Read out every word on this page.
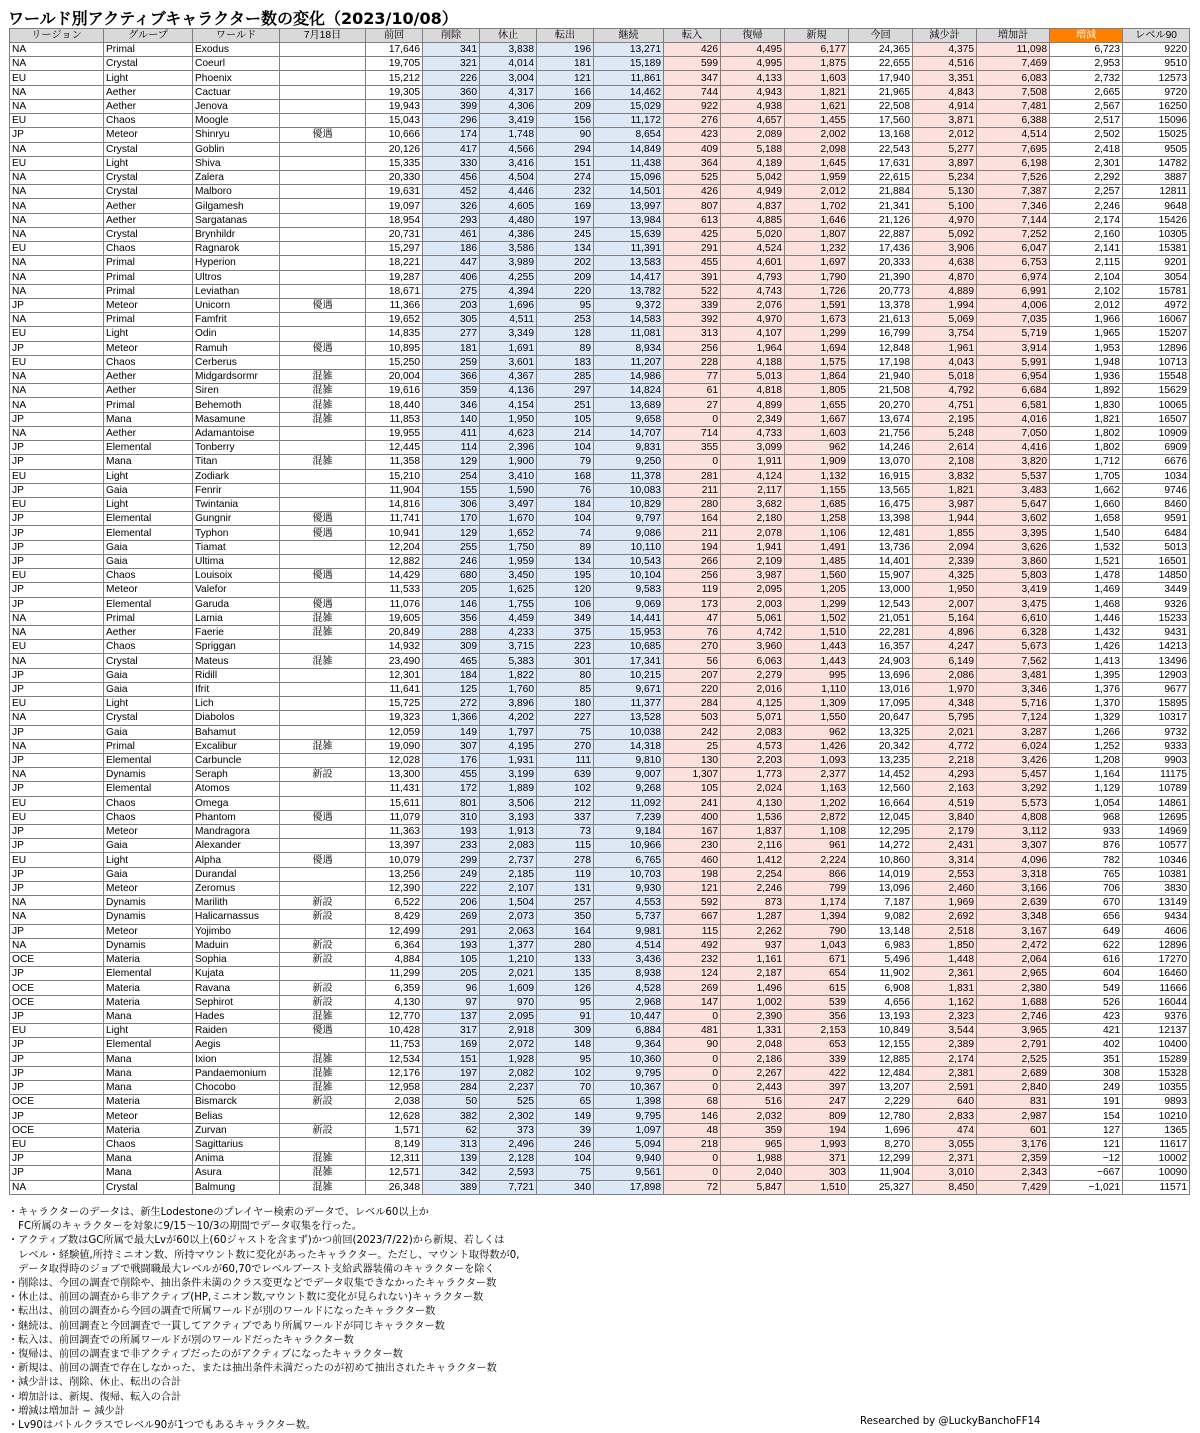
ワールド別アクティブキャラクター数の変化（2023/10/08）
リージョン	グループ	ワールド	7月18日	前回	削除	休止	転出	継続	転入	復帰	新規	今回	減少計	増加計	増減	レベル90
NA	Primal	Exodus		17,646	341	3,838	196	13,271	426	4,495	6,177	24,365	4,375	11,098	6,723	9220
NA	Crystal	Coeurl		19,705	321	4,014	181	15,189	599	4,995	1,875	22,655	4,516	7,469	2,953	9510
EU	Light	Phoenix		15,212	226	3,004	121	11,861	347	4,133	1,603	17,940	3,351	6,083	2,732	12573
NA	Aether	Cactuar		19,305	360	4,317	166	14,462	744	4,943	1,821	21,965	4,843	7,508	2,665	9720
NA	Aether	Jenova		19,943	399	4,306	209	15,029	922	4,938	1,621	22,508	4,914	7,481	2,567	16250
EU	Chaos	Moogle		15,043	296	3,419	156	11,172	276	4,657	1,455	17,560	3,871	6,388	2,517	15096
JP	Meteor	Shinryu	優遇	10,666	174	1,748	90	8,654	423	2,089	2,002	13,168	2,012	4,514	2,502	15025
NA	Crystal	Goblin		20,126	417	4,566	294	14,849	409	5,188	2,098	22,543	5,277	7,695	2,418	9505
EU	Light	Shiva		15,335	330	3,416	151	11,438	364	4,189	1,645	17,631	3,897	6,198	2,301	14782
NA	Crystal	Zalera		20,330	456	4,504	274	15,096	525	5,042	1,959	22,615	5,234	7,526	2,292	3887
NA	Crystal	Malboro		19,631	452	4,446	232	14,501	426	4,949	2,012	21,884	5,130	7,387	2,257	12811
NA	Aether	Gilgamesh		19,097	326	4,605	169	13,997	807	4,837	1,702	21,341	5,100	7,346	2,246	9648
NA	Aether	Sargatanas		18,954	293	4,480	197	13,984	613	4,885	1,646	21,126	4,970	7,144	2,174	15426
NA	Crystal	Brynhildr		20,731	461	4,386	245	15,639	425	5,020	1,807	22,887	5,092	7,252	2,160	10305
EU	Chaos	Ragnarok		15,297	186	3,586	134	11,391	291	4,524	1,232	17,436	3,906	6,047	2,141	15381
NA	Primal	Hyperion		18,221	447	3,989	202	13,583	455	4,601	1,697	20,333	4,638	6,753	2,115	9201
NA	Primal	Ultros		19,287	406	4,255	209	14,417	391	4,793	1,790	21,390	4,870	6,974	2,104	3054
NA	Primal	Leviathan		18,671	275	4,394	220	13,782	522	4,743	1,726	20,773	4,889	6,991	2,102	15781
JP	Meteor	Unicorn	優遇	11,366	203	1,696	95	9,372	339	2,076	1,591	13,378	1,994	4,006	2,012	4972
NA	Primal	Famfrit		19,652	305	4,511	253	14,583	392	4,970	1,673	21,613	5,069	7,035	1,966	16067
EU	Light	Odin		14,835	277	3,349	128	11,081	313	4,107	1,299	16,799	3,754	5,719	1,965	15207
JP	Meteor	Ramuh	優遇	10,895	181	1,691	89	8,934	256	1,964	1,694	12,848	1,961	3,914	1,953	12896
EU	Chaos	Cerberus		15,250	259	3,601	183	11,207	228	4,188	1,575	17,198	4,043	5,991	1,948	10713
NA	Aether	Midgardsormr	混雑	20,004	366	4,367	285	14,986	77	5,013	1,864	21,940	5,018	6,954	1,936	15548
NA	Aether	Siren	混雑	19,616	359	4,136	297	14,824	61	4,818	1,805	21,508	4,792	6,684	1,892	15629
NA	Primal	Behemoth	混雑	18,440	346	4,154	251	13,689	27	4,899	1,655	20,270	4,751	6,581	1,830	10065
JP	Mana	Masamune	混雑	11,853	140	1,950	105	9,658	0	2,349	1,667	13,674	2,195	4,016	1,821	16507
NA	Aether	Adamantoise		19,955	411	4,623	214	14,707	714	4,733	1,603	21,756	5,248	7,050	1,802	10909
JP	Elemental	Tonberry		12,445	114	2,396	104	9,831	355	3,099	962	14,246	2,614	4,416	1,802	6909
JP	Mana	Titan	混雑	11,358	129	1,900	79	9,250	0	1,911	1,909	13,070	2,108	3,820	1,712	6676
EU	Light	Zodiark		15,210	254	3,410	168	11,378	281	4,124	1,132	16,915	3,832	5,537	1,705	1034
JP	Gaia	Fenrir		11,904	155	1,590	76	10,083	211	2,117	1,155	13,565	1,821	3,483	1,662	9746
EU	Light	Twintania		14,816	306	3,497	184	10,829	280	3,682	1,685	16,475	3,987	5,647	1,660	8460
JP	Elemental	Gungnir	優遇	11,741	170	1,670	104	9,797	164	2,180	1,258	13,398	1,944	3,602	1,658	9591
JP	Elemental	Typhon	優遇	10,941	129	1,652	74	9,086	211	2,078	1,106	12,481	1,855	3,395	1,540	6484
JP	Gaia	Tiamat		12,204	255	1,750	89	10,110	194	1,941	1,491	13,736	2,094	3,626	1,532	5013
JP	Gaia	Ultima		12,882	246	1,959	134	10,543	266	2,109	1,485	14,401	2,339	3,860	1,521	16501
EU	Chaos	Louisoix	優遇	14,429	680	3,450	195	10,104	256	3,987	1,560	15,907	4,325	5,803	1,478	14850
JP	Meteor	Valefor		11,533	205	1,625	120	9,583	119	2,095	1,205	13,000	1,950	3,419	1,469	3449
JP	Elemental	Garuda	優遇	11,076	146	1,755	106	9,069	173	2,003	1,299	12,543	2,007	3,475	1,468	9326
NA	Primal	Lamia	混雑	19,605	356	4,459	349	14,441	47	5,061	1,502	21,051	5,164	6,610	1,446	15233
NA	Aether	Faerie	混雑	20,849	288	4,233	375	15,953	76	4,742	1,510	22,281	4,896	6,328	1,432	9431
EU	Chaos	Spriggan		14,932	309	3,715	223	10,685	270	3,960	1,443	16,357	4,247	5,673	1,426	14213
NA	Crystal	Mateus	混雑	23,490	465	5,383	301	17,341	56	6,063	1,443	24,903	6,149	7,562	1,413	13496
JP	Gaia	Ridill		12,301	184	1,822	80	10,215	207	2,279	995	13,696	2,086	3,481	1,395	12903
JP	Gaia	Ifrit		11,641	125	1,760	85	9,671	220	2,016	1,110	13,016	1,970	3,346	1,376	9677
EU	Light	Lich		15,725	272	3,896	180	11,377	284	4,125	1,309	17,095	4,348	5,716	1,370	15895
NA	Crystal	Diabolos		19,323	1,366	4,202	227	13,528	503	5,071	1,550	20,647	5,795	7,124	1,329	10317
JP	Gaia	Bahamut		12,059	149	1,797	75	10,038	242	2,083	962	13,325	2,021	3,287	1,266	9732
NA	Primal	Excalibur	混雑	19,090	307	4,195	270	14,318	25	4,573	1,426	20,342	4,772	6,024	1,252	9333
JP	Elemental	Carbuncle		12,028	176	1,931	111	9,810	130	2,203	1,093	13,235	2,218	3,426	1,208	9903
NA	Dynamis	Seraph	新設	13,300	455	3,199	639	9,007	1,307	1,773	2,377	14,452	4,293	5,457	1,164	11175
JP	Elemental	Atomos		11,431	172	1,889	102	9,268	105	2,024	1,163	12,560	2,163	3,292	1,129	10789
EU	Chaos	Omega		15,611	801	3,506	212	11,092	241	4,130	1,202	16,664	4,519	5,573	1,054	14861
EU	Chaos	Phantom	優遇	11,079	310	3,193	337	7,239	400	1,536	2,872	12,045	3,840	4,808	968	12695
JP	Meteor	Mandragora		11,363	193	1,913	73	9,184	167	1,837	1,108	12,295	2,179	3,112	933	14969
JP	Gaia	Alexander		13,397	233	2,083	115	10,966	230	2,116	961	14,272	2,431	3,307	876	10577
EU	Light	Alpha	優遇	10,079	299	2,737	278	6,765	460	1,412	2,224	10,860	3,314	4,096	782	10346
JP	Gaia	Durandal		13,256	249	2,185	119	10,703	198	2,254	866	14,019	2,553	3,318	765	10381
JP	Meteor	Zeromus		12,390	222	2,107	131	9,930	121	2,246	799	13,096	2,460	3,166	706	3830
NA	Dynamis	Marilith	新設	6,522	206	1,504	257	4,553	592	873	1,174	7,187	1,969	2,639	670	13149
NA	Dynamis	Halicarnassus	新設	8,429	269	2,073	350	5,737	667	1,287	1,394	9,082	2,692	3,348	656	9434
JP	Meteor	Yojimbo		12,499	291	2,063	164	9,981	115	2,262	790	13,148	2,518	3,167	649	4606
NA	Dynamis	Maduin	新設	6,364	193	1,377	280	4,514	492	937	1,043	6,983	1,850	2,472	622	12896
OCE	Materia	Sophia	新設	4,884	105	1,210	133	3,436	232	1,161	671	5,496	1,448	2,064	616	17270
JP	Elemental	Kujata		11,299	205	2,021	135	8,938	124	2,187	654	11,902	2,361	2,965	604	16460
OCE	Materia	Ravana	新設	6,359	96	1,609	126	4,528	269	1,496	615	6,908	1,831	2,380	549	11666
OCE	Materia	Sephirot	新設	4,130	97	970	95	2,968	147	1,002	539	4,656	1,162	1,688	526	16044
JP	Mana	Hades	混雑	12,770	137	2,095	91	10,447	0	2,390	356	13,193	2,323	2,746	423	9376
EU	Light	Raiden	優遇	10,428	317	2,918	309	6,884	481	1,331	2,153	10,849	3,544	3,965	421	12137
JP	Elemental	Aegis		11,753	169	2,072	148	9,364	90	2,048	653	12,155	2,389	2,791	402	10400
JP	Mana	Ixion	混雑	12,534	151	1,928	95	10,360	0	2,186	339	12,885	2,174	2,525	351	15289
JP	Mana	Pandaemonium	混雑	12,176	197	2,082	102	9,795	0	2,267	422	12,484	2,381	2,689	308	15328
JP	Mana	Chocobo	混雑	12,958	284	2,237	70	10,367	0	2,443	397	13,207	2,591	2,840	249	10355
OCE	Materia	Bismarck	新設	2,038	50	525	65	1,398	68	516	247	2,229	640	831	191	9893
JP	Meteor	Belias		12,628	382	2,302	149	9,795	146	2,032	809	12,780	2,833	2,987	154	10210
OCE	Materia	Zurvan	新設	1,571	62	373	39	1,097	48	359	194	1,696	474	601	127	1365
EU	Chaos	Sagittarius		8,149	313	2,496	246	5,094	218	965	1,993	8,270	3,055	3,176	121	11617
JP	Mana	Anima	混雑	12,311	139	2,128	104	9,940	0	1,988	371	12,299	2,371	2,359	−12	10002
JP	Mana	Asura	混雑	12,571	342	2,593	75	9,561	0	2,040	303	11,904	3,010	2,343	−667	10090
NA	Crystal	Balmung	混雑	26,348	389	7,721	340	17,898	72	5,847	1,510	25,327	8,450	7,429	−1,021	11571
・キャラクターのデータは、新生Lodestoneのプレイヤー検索のデータで、レベル60以上か
　FC所属のキャラクターを対象に9/15〜10/3の期間でデータ収集を行った。
・アクティブ数はGC所属で最大Lvが60以上(60ジャストを含まず)かつ前回(2023/7/22)から新規、若しくは
　レベル・経験値,所持ミニオン数、所持マウント数に変化があったキャラクター。ただし、マウント取得数が0,
　データ取得時のジョブで戦闘職最大レベルが60,70でレベルブースト支給武器装備のキャラクターを除く
・削除は、今回の調査で削除や、抽出条件未満のクラス変更などでデータ収集できなかったキャラクター数
・休止は、前回の調査から非アクティブ(HP,ミニオン数,マウント数に変化が見られない)キャラクター数
・転出は、前回の調査から今回の調査で所属ワールドが別のワールドになったキャラクター数
・継続は、前回調査と今回調査で一貫してアクティブであり所属ワールドが同じキャラクター数
・転入は、前回調査での所属ワールドが別のワールドだったキャラクター数
・復帰は、前回の調査まで非アクティブだったのがアクティブになったキャラクター数
・新規は、前回の調査で存在しなかった、または抽出条件未満だったのが初めて抽出されたキャラクター数
・減少計は、削除、休止、転出の合計
・増加計は、新規、復帰、転入の合計
・増減は増加計 − 減少計
・Lv90はバトルクラスでレベル90が1つでもあるキャラクター数。	Researched by @LuckyBanchoFF14
